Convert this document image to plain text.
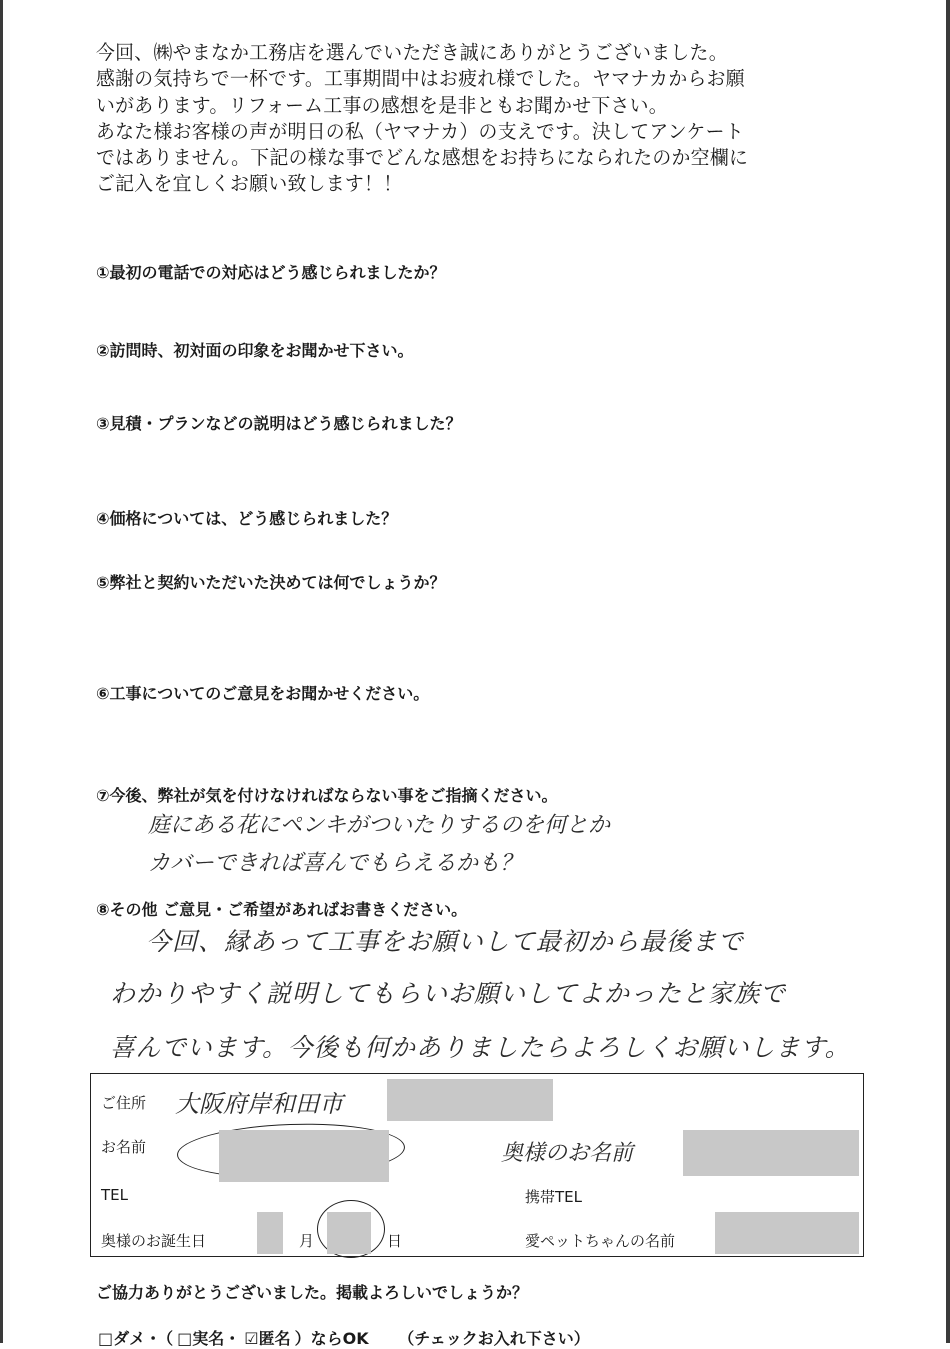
今回、㈱やまなか工務店を選んでいただき誠にありがとうございました。
感謝の気持ちで一杯です。工事期間中はお疲れ様でした。ヤマナカからお願
いがあります。リフォーム工事の感想を是非ともお聞かせ下さい。
あなた様お客様の声が明日の私（ヤマナカ）の支えです。決してアンケート
ではありません。下記の様な事でどんな感想をお持ちになられたのか空欄に
ご記入を宜しくお願い致します！！
①最初の電話での対応はどう感じられましたか？
②訪問時、初対面の印象をお聞かせ下さい。
③見積・プランなどの説明はどう感じられました？
④価格については、どう感じられました？
⑤弊社と契約いただいた決めては何でしょうか？
⑥工事についてのご意見をお聞かせください。
⑦今後、弊社が気を付けなければならない事をご指摘ください。
庭にある花にペンキがついたりするのを何とか
カバーできれば喜んでもらえるかも？
⑧その他 ご意見・ご希望があればお書きください。
今回、縁あって工事をお願いして最初から最後まで
わかりやすく説明してもらいお願いしてよかったと家族で
喜んでいます。今後も何かありましたらよろしくお願いします。
ご住所 大阪府岸和田市
お名前	奥様のお名前
TEL	携帯TEL
奥様のお誕生日	月	日	愛ペットちゃんの名前
ご協力ありがとうございました。掲載よろしいでしょうか？
□ダメ・ （ □実名・ ☑匿名 ）ならOK （チェックお入れ下さい）
